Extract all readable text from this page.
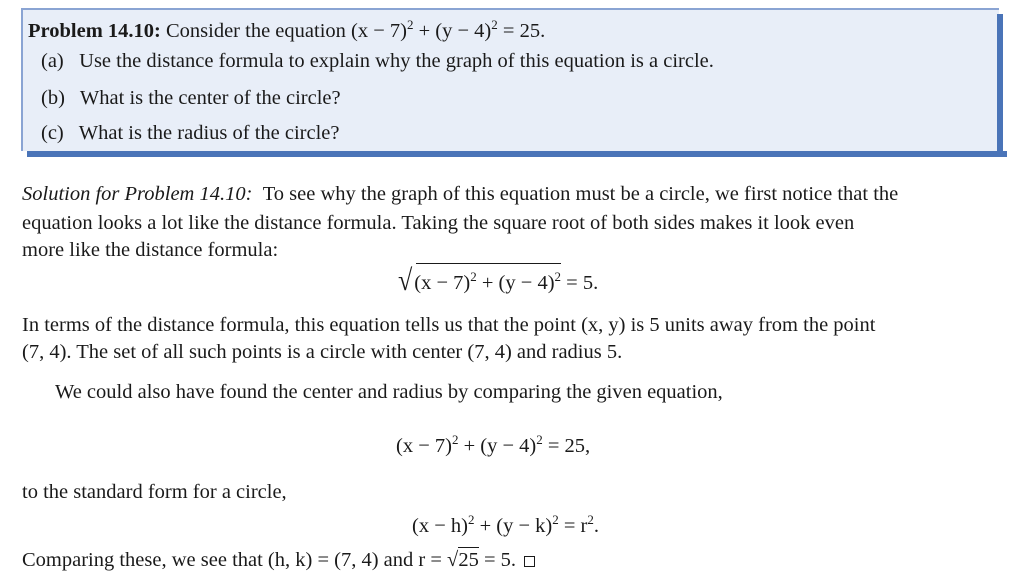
Problem 14.10: Consider the equation $(x - 7)^2 + (y - 4)^2 = 25$.
(a) Use the distance formula to explain why the graph of this equation is a circle.
(b) What is the center of the circle?
(c) What is the radius of the circle?
Solution for Problem 14.10: To see why the graph of this equation must be a circle, we first notice that the
equation looks a lot like the distance formula. Taking the square root of both sides makes it look even
more like the distance formula:
√
$(x - 7)^2 + (y - 4)^2 = 5$.
In terms of the distance formula, this equation tells us that the point (x, y) is 5 units away from the point
(7, 4). The set of all such points is a circle with center (7, 4) and radius 5.
We could also have found the center and radius by comparing the given equation,
$(x - 7)^2 + (y - 4)^2 = 25$,
to the standard form for a circle,
$(x - h)^2 + (y - k)^2 = r^2$.
Comparing these, we see that (h, k) = (7, 4) and r = √25 = 5.
